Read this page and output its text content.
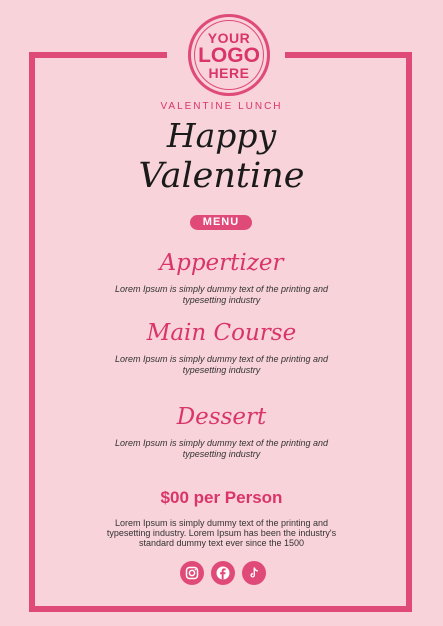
YOUR
LOGO
HERE
VALENTINE LUNCH
Happy
Valentine
MENU
Appertizer
Lorem Ipsum is simply dummy text of the printing and
typesetting industry
Main Course
Lorem Ipsum is simply dummy text of the printing and
typesetting industry
Dessert
Lorem Ipsum is simply dummy text of the printing and
typesetting industry
$00 per Person
Lorem Ipsum is simply dummy text of the printing and
typesetting industry. Lorem Ipsum has been the industry's
standard dummy text ever since the 1500
